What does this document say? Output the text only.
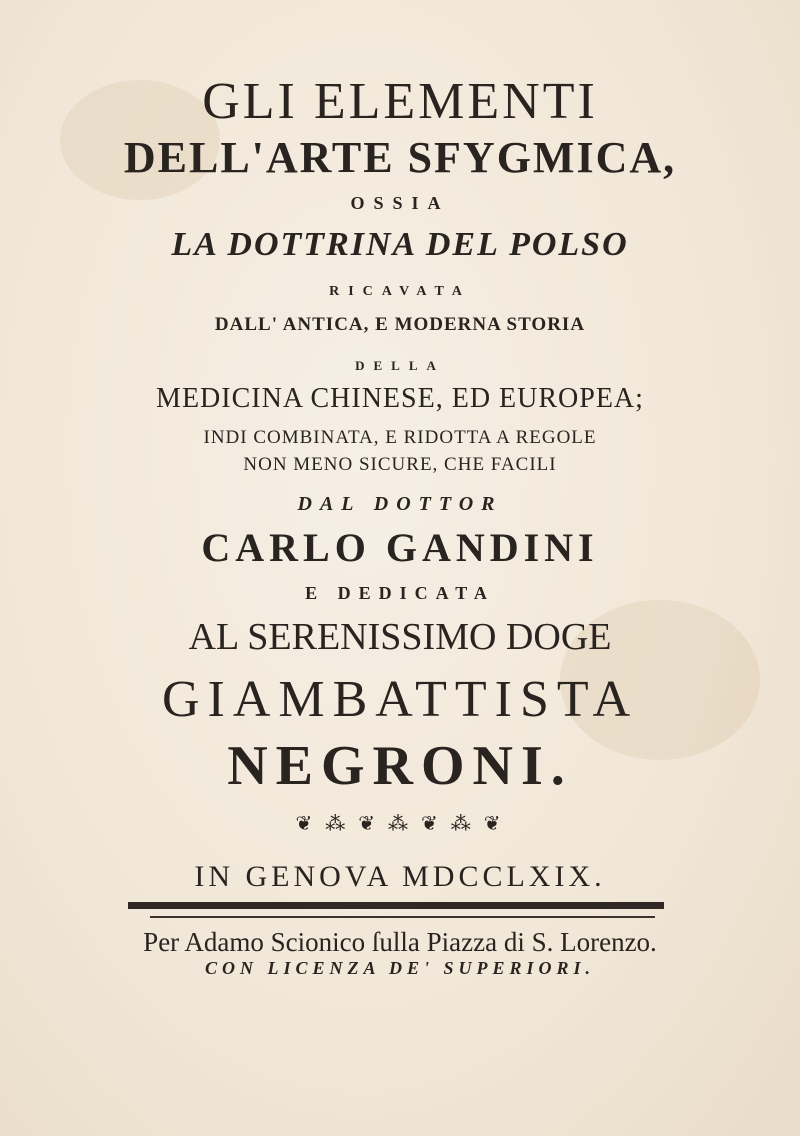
GLI ELEMENTI
DELL'ARTE SFYGMICA,
OSSIA
LA DOTTRINA DEL POLSO
RICAVATA
DALL' ANTICA, E MODERNA STORIA
DELLA
MEDICINA CHINESE, ED EUROPEA;
INDI COMBINATA, E RIDOTTA A REGOLE
NON MENO SICURE, CHE FACILI
DAL DOTTOR
CARLO GANDINI
E DEDICATA
AL SERENISSIMO DOGE
GIAMBATTISTA
NEGRONI.
❦ ⁂ ❦ ⁂ ❦ ⁂ ❦
IN GENOVA MDCCLXIX.
Per Adamo Scionico ſulla Piazza di S. Lorenzo.
CON LICENZA DE' SUPERIORI.
